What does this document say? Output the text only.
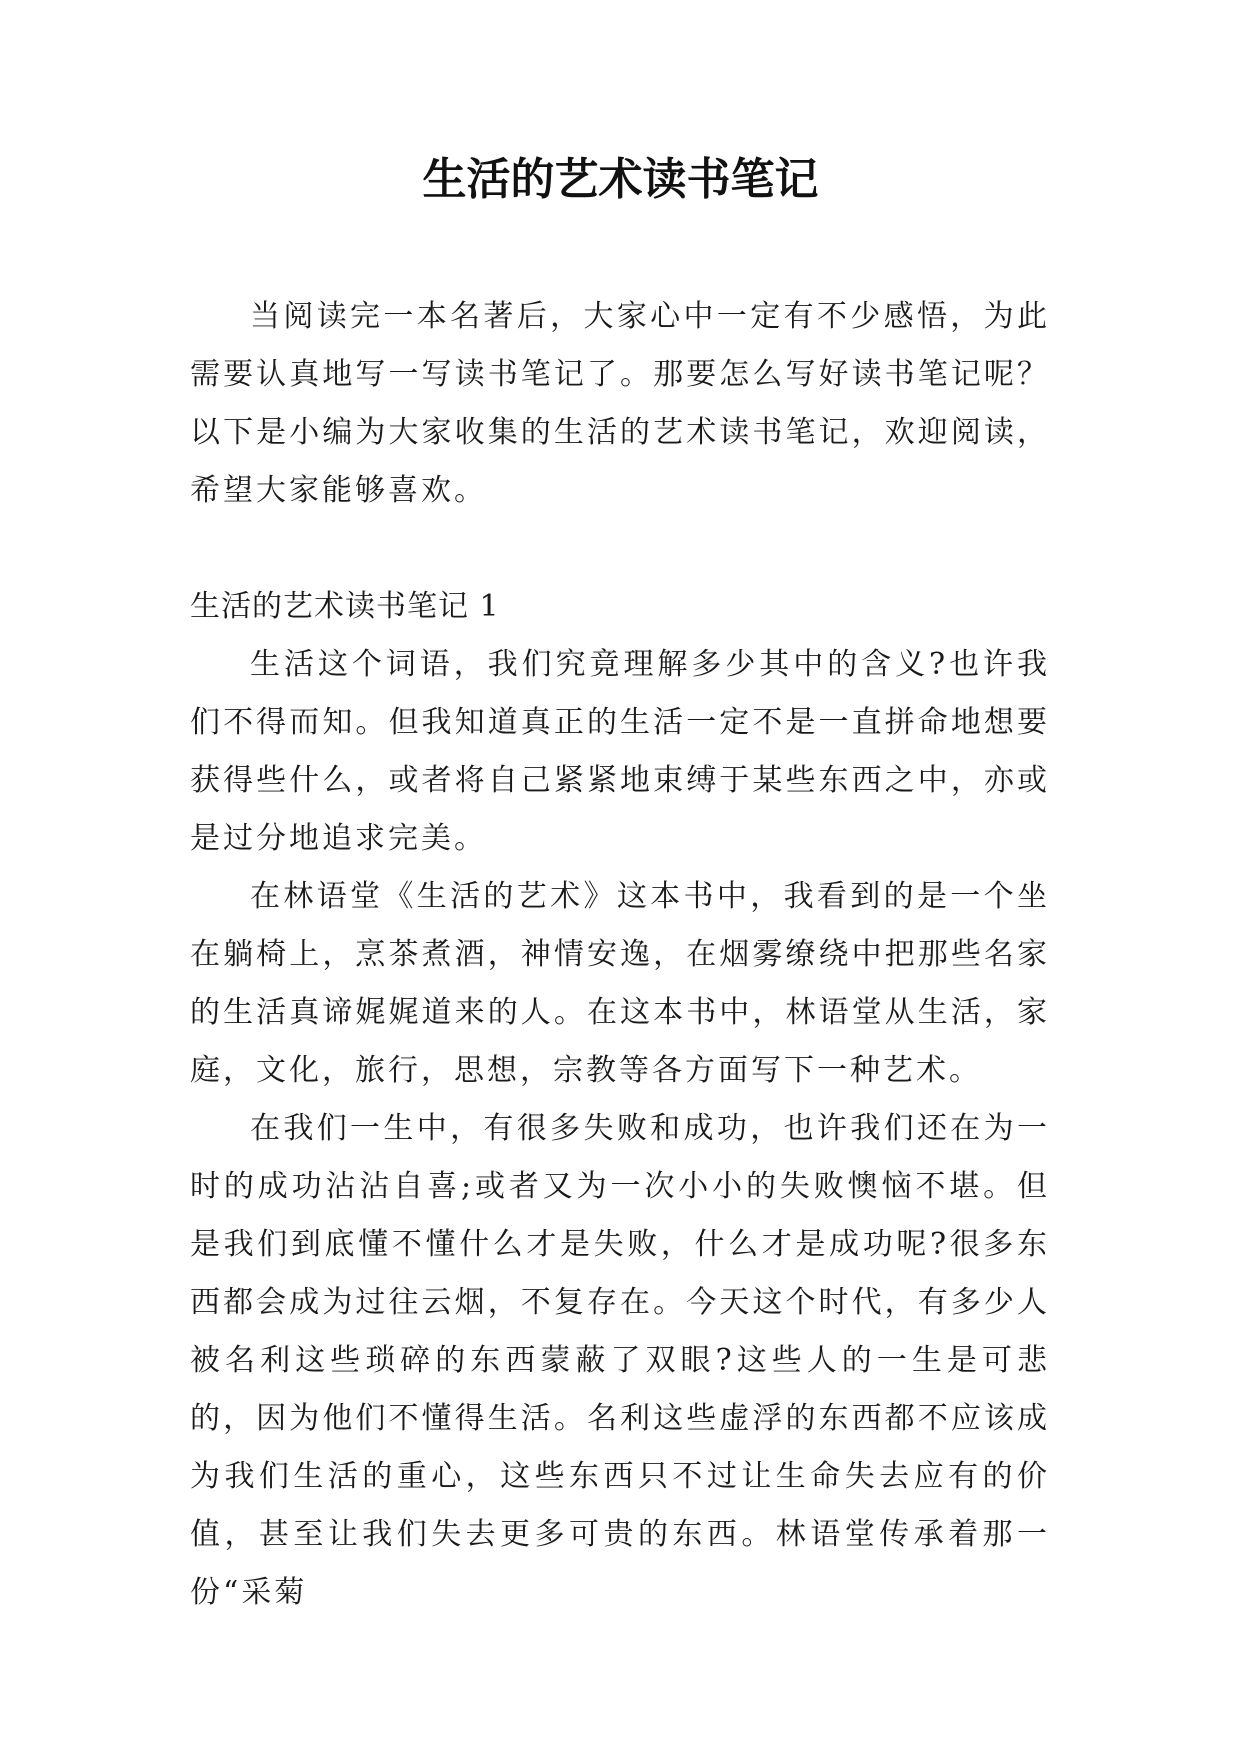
生活的艺术读书笔记

当阅读完一本名著后，大家心中一定有不少感悟，为此需要认真地写一写读书笔记了。那要怎么写好读书笔记呢？以下是小编为大家收集的生活的艺术读书笔记，欢迎阅读，希望大家能够喜欢。

生活的艺术读书笔记 1

生活这个词语，我们究竟理解多少其中的含义?也许我们不得而知。但我知道真正的生活一定不是一直拼命地想要获得些什么，或者将自己紧紧地束缚于某些东西之中，亦或是过分地追求完美。

在林语堂《生活的艺术》这本书中，我看到的是一个坐在躺椅上，烹茶煮酒，神情安逸，在烟雾缭绕中把那些名家的生活真谛娓娓道来的人。在这本书中，林语堂从生活，家庭，文化，旅行，思想，宗教等各方面写下一种艺术。

在我们一生中，有很多失败和成功，也许我们还在为一时的成功沾沾自喜;或者又为一次小小的失败懊恼不堪。但是我们到底懂不懂什么才是失败，什么才是成功呢?很多东西都会成为过往云烟，不复存在。今天这个时代，有多少人被名利这些琐碎的东西蒙蔽了双眼?这些人的一生是可悲的，因为他们不懂得生活。名利这些虚浮的东西都不应该成为我们生活的重心，这些东西只不过让生命失去应有的价值，甚至让我们失去更多可贵的东西。林语堂传承着那一份“采菊
